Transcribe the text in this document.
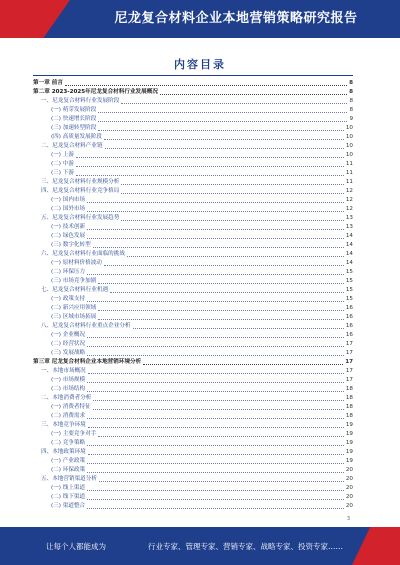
尼龙复合材料企业本地营销策略研究报告
内容目录
第一章 前言	8
第二章 2023-2025年尼龙复合材料行业发展概况	8
一、尼龙复合材料行业发展阶段	8
(一) 萌芽发展阶段	8
(二) 快速增长阶段	9
(三) 加速转型阶段	10
(四) 高质量发展阶段	10
二、尼龙复合材料产业链	10
(一) 上游	10
(二) 中游	11
(三) 下游	11
三、尼龙复合材料行业规模分析	11
四、尼龙复合材料行业竞争格局	12
(一) 国内市场	12
(二) 国外市场	12
五、尼龙复合材料行业发展趋势	13
(一) 技术创新	13
(二) 绿色发展	14
(三) 数字化转型	14
六、尼龙复合材料行业面临的挑战	14
(一) 原材料价格波动	14
(二) 环保压力	15
(三) 市场竞争加剧	15
七、尼龙复合材料行业机遇	15
(一) 政策支持	15
(二) 新兴应用领域	16
(三) 区域市场拓展	16
八、尼龙复合材料行业重点企业分析	16
(一) 企业概况	16
(二) 经营状况	17
(三) 发展战略	17
第三章 尼龙复合材料企业本地营销环境分析	17
一、本地市场概况	17
(一) 市场规模	17
(二) 市场结构	18
二、本地消费者分析	18
(一) 消费者特征	18
(二) 消费需求	18
三、本地竞争环境	19
(一) 主要竞争对手	19
(二) 竞争策略	19
四、本地政策环境	19
(一) 产业政策	19
(二) 环保政策	20
五、本地营销渠道分析	20
(一) 线上渠道	20
(二) 线下渠道	20
(三) 渠道整合	20
3
让每个人都能成为	行业专家、管理专家、营销专家、战略专家、投资专家……
